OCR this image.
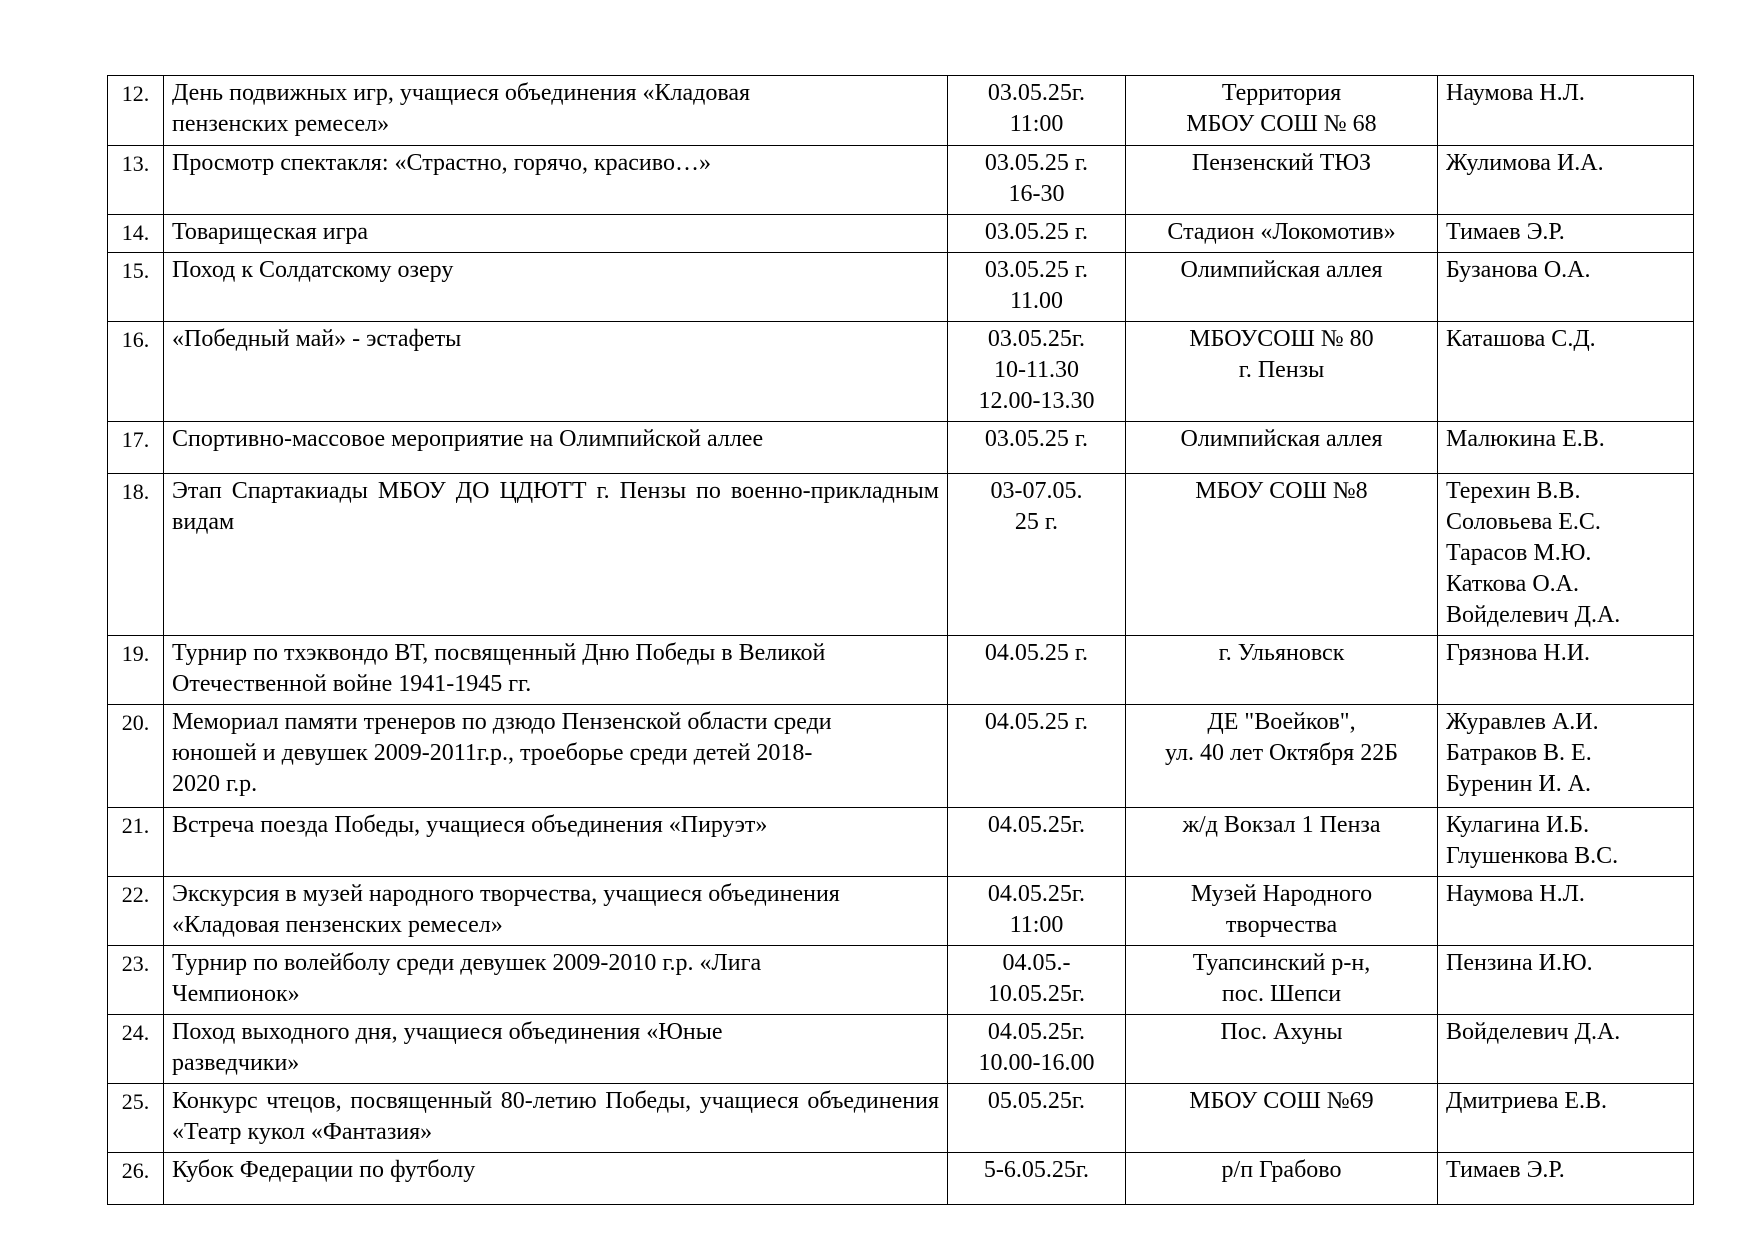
12.	День подвижных игр, учащиеся объединения «Кладовая
пензенских ремесел»	03.05.25г.
11:00	Территория
МБОУ СОШ № 68	Наумова Н.Л.

13.	Просмотр спектакля: «Страстно, горячо, красиво…»	03.05.25 г.
16-30	Пензенский ТЮЗ	Жулимова И.А.

14.	Товарищеская игра	03.05.25 г.	Стадион «Локомотив»	Тимаев Э.Р.

15.	Поход к Солдатскому озеру	03.05.25 г.
11.00	Олимпийская аллея	Бузанова О.А.

16.	«Победный май» - эстафеты	03.05.25г.
10-11.30
12.00-13.30	МБОУСОШ № 80
г. Пензы	Каташова С.Д.

17.	Спортивно-массовое мероприятие на Олимпийской аллее	03.05.25 г.	Олимпийская аллея	Малюкина Е.В.

18.	Этап Спартакиады МБОУ ДО ЦДЮТТ г. Пензы по военно-прикладным видам	03-07.05.
25 г.	МБОУ СОШ №8	Терехин В.В.
Соловьева Е.С.
Тарасов М.Ю.
Каткова О.А.
Войделевич Д.А.

19.	Турнир по тхэквондо ВТ, посвященный Дню Победы в Великой
Отечественной войне 1941-1945 гг.	04.05.25 г.	г. Ульяновск	Грязнова Н.И.

20.	Мемориал памяти тренеров по дзюдо Пензенской области среди
юношей и девушек 2009-2011г.р., троеборье среди детей 2018-
2020 г.р.	04.05.25 г.	ДЕ "Воейков",
ул. 40 лет Октября 22Б	Журавлев А.И.
Батраков В. Е.
Буренин И. А.

21.	Встреча поезда Победы, учащиеся объединения «Пируэт»	04.05.25г.	ж/д Вокзал 1 Пенза	Кулагина И.Б.
Глушенкова В.С.

22.	Экскурсия в музей народного творчества, учащиеся объединения
«Кладовая пензенских ремесел»	04.05.25г.
11:00	Музей Народного
творчества	Наумова Н.Л.

23.	Турнир по волейболу среди девушек 2009-2010 г.р. «Лига
Чемпионок»	04.05.-
10.05.25г.	Туапсинский р-н,
пос. Шепси	Пензина И.Ю.

24.	Поход выходного дня, учащиеся объединения «Юные
разведчики»	04.05.25г.
10.00-16.00	Пос. Ахуны	Войделевич Д.А.

25.	Конкурс чтецов, посвященный 80-летию Победы, учащиеся объединения «Театр кукол «Фантазия»	05.05.25г.	МБОУ СОШ №69	Дмитриева Е.В.

26.	Кубок Федерации по футболу	5-6.05.25г.	р/п Грабово	Тимаев Э.Р.
